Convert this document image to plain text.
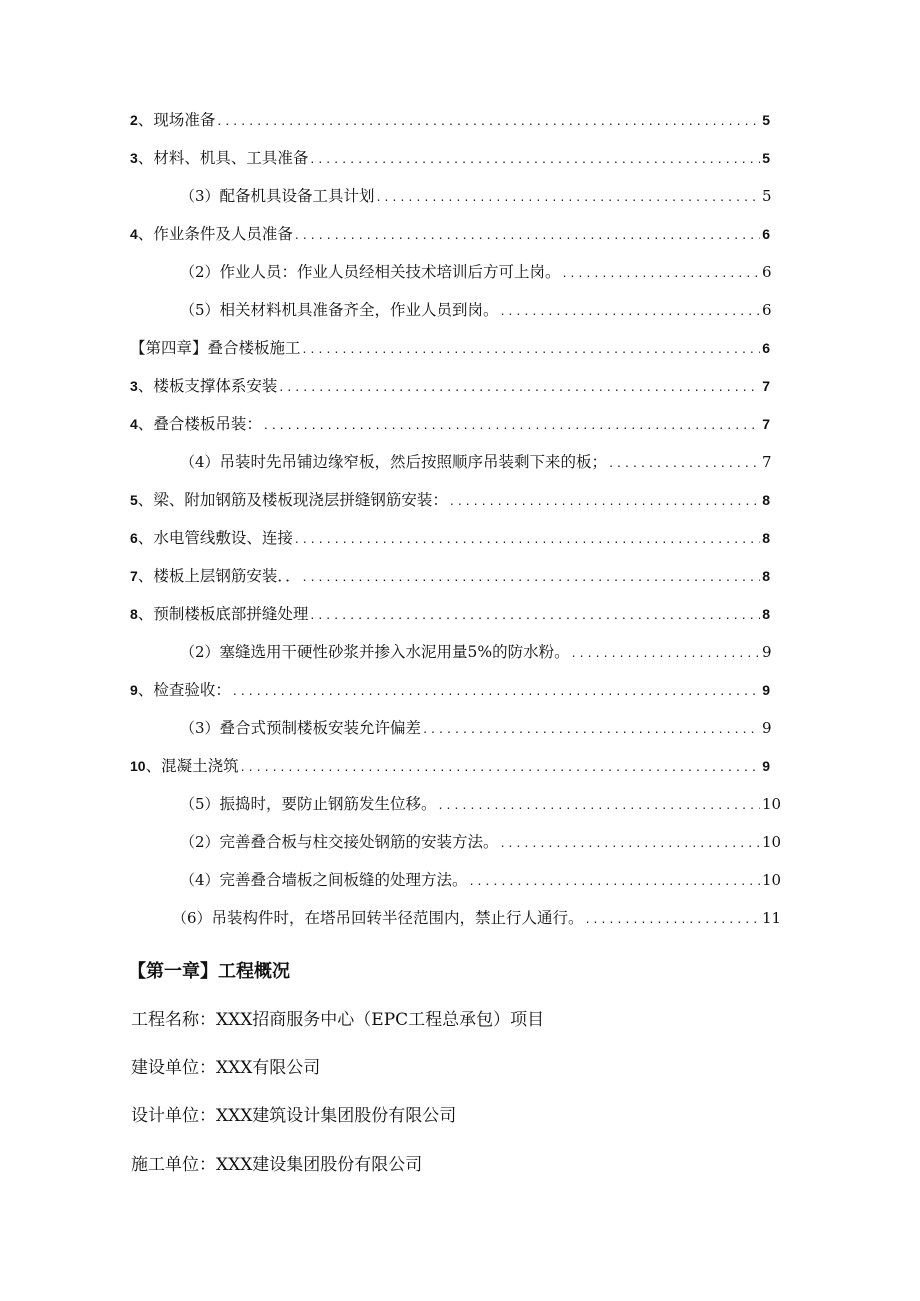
2 、 现场准备 .....	5
3 、 材料、机具、工具准备 .....	5
（3） 配备机具设备工具计划 .....	5
4 、 作业条件及人员准备 .....	6
（2） 作业人员：作业人员经相关技术培训后方可上岗。 .....	6
（5） 相关材料机具准备齐全，作业人员到岗。 .....	6
【第四章】叠合楼板施工 .....	6
3 、 楼板支撑体系安装 .....	7
4 、 叠合楼板吊装： .....	7
（4） 吊装时先吊铺边缘窄板，然后按照顺序吊装剩下来的板； .....	7
5 、 梁、附加钢筋及楼板现浇层拼缝钢筋安装： .....	8
6 、 水电管线敷设、连接 .....	8
7 、 楼板上层钢筋安装．． .....	8
8 、 预制楼板底部拼缝处理 .....	8
（2） 塞缝选用干硬性砂浆并掺入水泥用量5%的防水粉。 .....	9
9 、 检查验收： .....	9
（3） 叠合式预制楼板安装允许偏差 .....	9
10 、 混凝土浇筑 .....	9
（5） 振捣时，要防止钢筋发生位移。 .....	10
（2） 完善叠合板与柱交接处钢筋的安装方法。 .....	10
（4） 完善叠合墙板之间板缝的处理方法。 .....	10
（6） 吊装构件时，在塔吊回转半径范围内，禁止行人通行。 .....	11
【第一章】工程概况
工程名称：XXX招商服务中心（EPC工程总承包）项目
建设单位：XXX有限公司
设计单位：XXX建筑设计集团股份有限公司
施工单位：XXX建设集团股份有限公司
